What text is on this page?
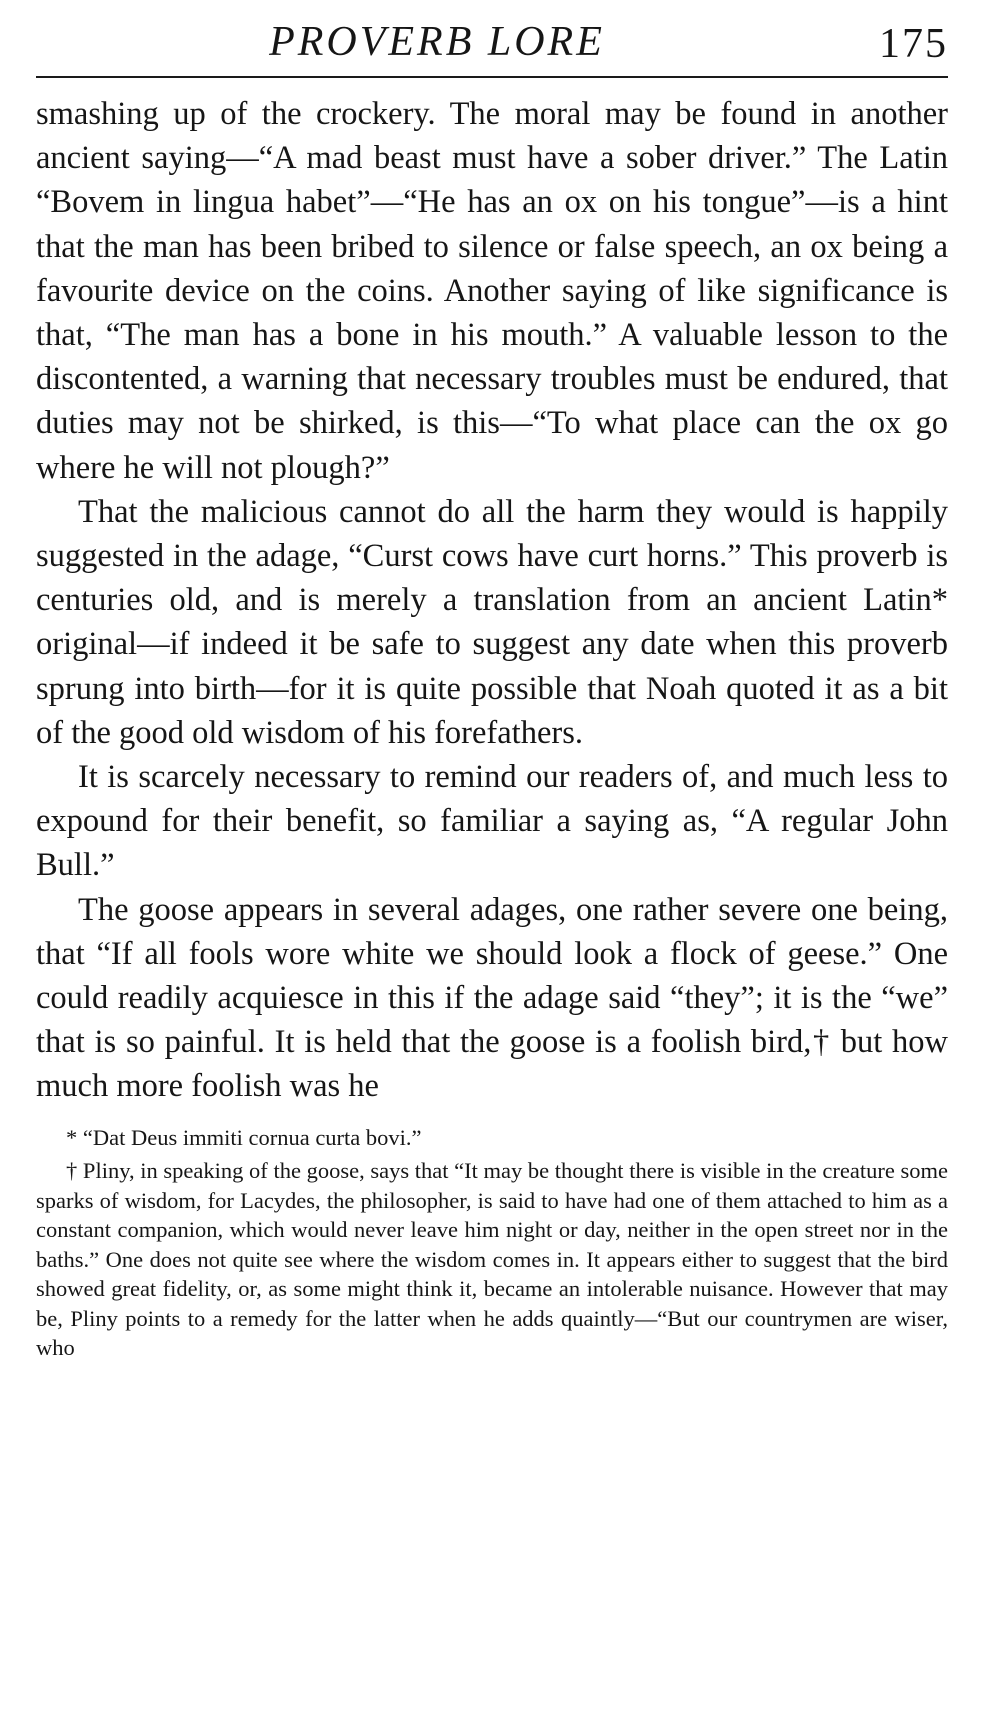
PROVERB LORE	175

smashing up of the crockery. The moral may be found in another ancient saying—“A mad beast must have a sober driver.” The Latin “Bovem in lingua habet”—“He has an ox on his tongue”—is a hint that the man has been bribed to silence or false speech, an ox being a favourite device on the coins. Another saying of like significance is that, “The man has a bone in his mouth.” A valuable lesson to the discontented, a warning that necessary troubles must be endured, that duties may not be shirked, is this—“To what place can the ox go where he will not plough?”

That the malicious cannot do all the harm they would is happily suggested in the adage, “Curst cows have curt horns.” This proverb is centuries old, and is merely a translation from an ancient Latin* original—if indeed it be safe to suggest any date when this proverb sprung into birth—for it is quite possible that Noah quoted it as a bit of the good old wisdom of his forefathers.

It is scarcely necessary to remind our readers of, and much less to expound for their benefit, so familiar a saying as, “A regular John Bull.”

The goose appears in several adages, one rather severe one being, that “If all fools wore white we should look a flock of geese.” One could readily acquiesce in this if the adage said “they”; it is the “we” that is so painful. It is held that the goose is a foolish bird,† but how much more foolish was he

* “Dat Deus immiti cornua curta bovi.”

† Pliny, in speaking of the goose, says that “It may be thought there is visible in the creature some sparks of wisdom, for Lacydes, the philosopher, is said to have had one of them attached to him as a constant companion, which would never leave him night or day, neither in the open street nor in the baths.” One does not quite see where the wisdom comes in. It appears either to suggest that the bird showed great fidelity, or, as some might think it, became an intolerable nuisance. However that may be, Pliny points to a remedy for the latter when he adds quaintly—“But our countrymen are wiser, who
